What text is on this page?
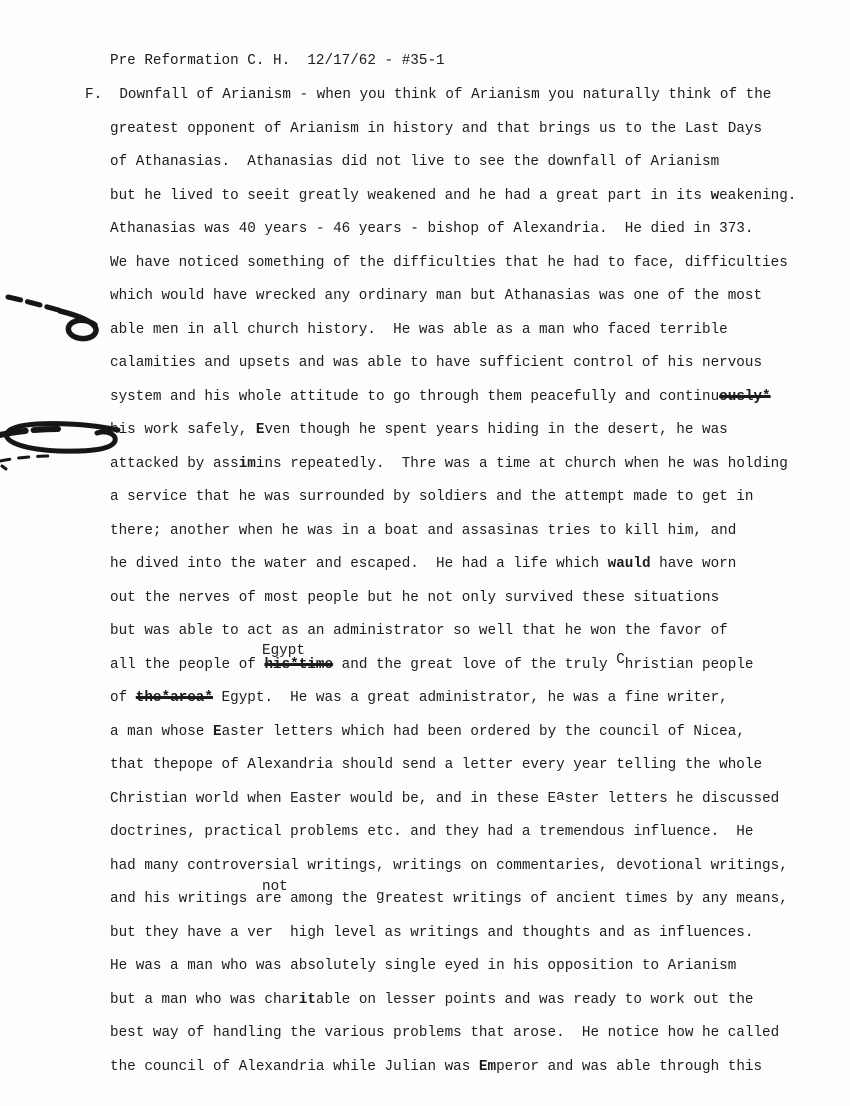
Pre Reformation C. H.  12/17/62 - #35-1
F.  Downfall of Arianism - when you think of Arianism you naturally think of the
greatest opponent of Arianism in history and that brings us to the Last Days
of Athanasias.  Athanasias did not live to see the downfall of Arianism
but he lived to seeit greatly weakened and he had a great part in its weakening.
Athanasias was 40 years - 46 years - bishop of Alexandria.  He died in 373.
We have noticed something of the difficulties that he had to face, difficulties
which would have wrecked any ordinary man but Athanasias was one of the most
able men in all church history.  He was able as a man who faced terrible
calamities and upsets and was able to have sufficient control of his nervous
system and his whole attitude to go through them peacefully and continuously*
his work safely, Even though he spent years hiding in the desert, he was
attacked by assimins repeatedly.  Thre was a time at church when he was holding
a service that he was surrounded by soldiers and the attempt made to get in
there; another when he was in a boat and assasinas tries to kill him, and
he dived into the water and escaped.  He had a life which wauld have worn
out the nerves of most people but he not only survived these situations
but was able to act as an administrator so well that he won the favor of
Egypt
all the people of his*time and the great love of the truly Christian people
of the*area* Egypt.  He was a great administrator, he was a fine writer,
a man whose Easter letters which had been ordered by the council of Nicea,
that thepope of Alexandria should send a letter every year telling the whole
Christian world when Easter would be, and in these Easter letters he discussed
doctrines, practical problems etc. and they had a tremendous influence.  He
had many controversial writings, writings on commentaries, devotional writings,
not
and his writings are among the greatest writings of ancient times by any means,
but they have a ver  high level as writings and thoughts and as influences.
He was a man who was absolutely single eyed in his opposition to Arianism
but a man who was charitable on lesser points and was ready to work out the
best way of handling the various problems that arose.  He notice how he called
the council of Alexandria while Julian was Emperor and was able through this
